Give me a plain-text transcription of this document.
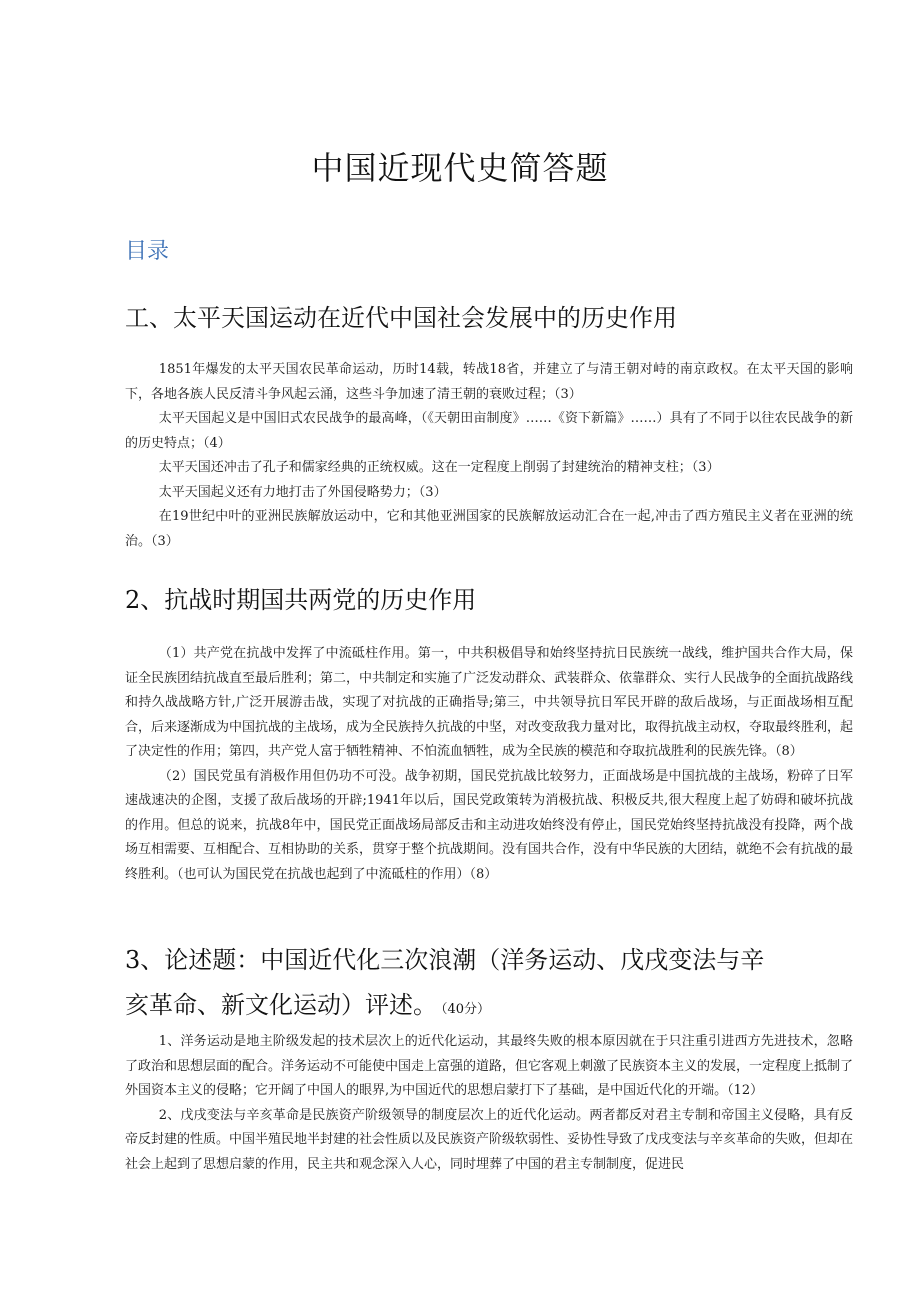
中国近现代史简答题
目录
工、太平天国运动在近代中国社会发展中的历史作用

1851年爆发的太平天国农民革命运动，历时14载，转战18省，并建立了与清王朝对峙的南京政权。在太平天国的影响下，各地各族人民反清斗争风起云涌，这些斗争加速了清王朝的衰败过程；（3）

太平天国起义是中国旧式农民战争的最高峰，（《天朝田亩制度》……《资下新篇》……）具有了不同于以往农民战争的新的历史特点；（4）

太平天国还冲击了孔子和儒家经典的正统权威。这在一定程度上削弱了封建统治的精神支柱；（3）

太平天国起义还有力地打击了外国侵略势力；（3）

在19世纪中叶的亚洲民族解放运动中，它和其他亚洲国家的民族解放运动汇合在一起,冲击了西方殖民主义者在亚洲的统治。（3）

2、抗战时期国共两党的历史作用

（1）共产党在抗战中发挥了中流砥柱作用。第一，中共积极倡导和始终坚持抗日民族统一战线，维护国共合作大局，保证全民族团结抗战直至最后胜利；第二，中共制定和实施了广泛发动群众、武装群众、依靠群众、实行人民战争的全面抗战路线和持久战战略方针,广泛开展游击战，实现了对抗战的正确指导;第三，中共领导抗日军民开辟的敌后战场，与正面战场相互配合，后来逐渐成为中国抗战的主战场，成为全民族持久抗战的中坚，对改变敌我力量对比，取得抗战主动权，夺取最终胜利，起了决定性的作用；第四，共产党人富于牺牲精神、不怕流血牺牲，成为全民族的模范和夺取抗战胜利的民族先锋。（8）

（2）国民党虽有消极作用但仍功不可没。战争初期，国民党抗战比较努力，正面战场是中国抗战的主战场，粉碎了日军速战速决的企图，支援了敌后战场的开辟;1941年以后，国民党政策转为消极抗战、积极反共,很大程度上起了妨碍和破坏抗战的作用。但总的说来，抗战8年中，国民党正面战场局部反击和主动进攻始终没有停止，国民党始终坚持抗战没有投降，两个战场互相需要、互相配合、互相协助的关系，贯穿于整个抗战期间。没有国共合作，没有中华民族的大团结，就绝不会有抗战的最终胜利。（也可认为国民党在抗战也起到了中流砥柱的作用）（8）

3、论述题：中国近代化三次浪潮（洋务运动、戊戌变法与辛
亥革命、新文化运动）评述。 （40分）

1、洋务运动是地主阶级发起的技术层次上的近代化运动，其最终失败的根本原因就在于只注重引进西方先进技术，忽略了政治和思想层面的配合。洋务运动不可能使中国走上富强的道路，但它客观上刺激了民族资本主义的发展，一定程度上抵制了外国资本主义的侵略；它开阔了中国人的眼界,为中国近代的思想启蒙打下了基础，是中国近代化的开端。（12）

2、戊戌变法与辛亥革命是民族资产阶级领导的制度层次上的近代化运动。两者都反对君主专制和帝国主义侵略，具有反帝反封建的性质。中国半殖民地半封建的社会性质以及民族资产阶级软弱性、妥协性导致了戊戌变法与辛亥革命的失败，但却在社会上起到了思想启蒙的作用，民主共和观念深入人心，同时埋葬了中国的君主专制制度，促进民
